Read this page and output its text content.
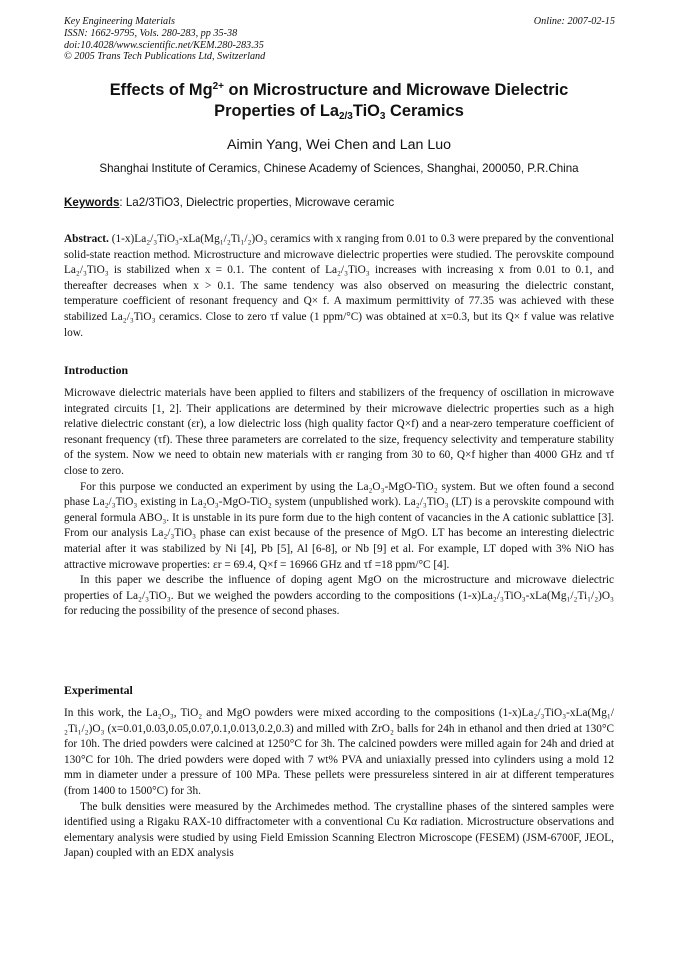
Key Engineering Materials
ISSN: 1662-9795, Vols. 280-283, pp 35-38
doi:10.4028/www.scientific.net/KEM.280-283.35
© 2005 Trans Tech Publications Ltd, Switzerland
Online: 2007-02-15
Effects of $Mg^{2+}$ on Microstructure and Microwave Dielectric
Properties of $La_{2/3}TiO_3$ Ceramics
Aimin Yang, Wei Chen and Lan Luo
Shanghai Institute of Ceramics, Chinese Academy of Sciences, Shanghai, 200050, P.R.China
Keywords: La2/3TiO3, Dielectric properties, Microwave ceramic

Abstract. (1-x)La₂/₃TiO₃-xLa(Mg₁/₂Ti₁/₂)O₃ ceramics with x ranging from 0.01 to 0.3 were prepared by the conventional solid-state reaction method. Microstructure and microwave dielectric properties were studied. The perovskite compound La₂/₃TiO₃ is stabilized when x = 0.1. The content of La₂/₃TiO₃ increases with increasing x from 0.01 to 0.1, and thereafter decreases when x > 0.1. The same tendency was also observed on measuring the dielectric constant, temperature coefficient of resonant frequency and Q× f. A maximum permittivity of 77.35 was achieved with these stabilized La₂/₃TiO₃ ceramics. Close to zero τf value (1 ppm/°C) was obtained at x=0.3, but its Q× f value was relative low.

Introduction

Microwave dielectric materials have been applied to filters and stabilizers of the frequency of oscillation in microwave integrated circuits [1, 2]. Their applications are determined by their microwave dielectric properties such as a high relative dielectric constant (εr), a low dielectric loss (high quality factor Q×f) and a near-zero temperature coefficient of resonant frequency (τf). These three parameters are correlated to the size, frequency selectivity and temperature stability of the system. Now we need to obtain new materials with εr ranging from 30 to 60, Q×f higher than 4000 GHz and τf close to zero.

For this purpose we conducted an experiment by using the La₂O₃-MgO-TiO₂ system. But we often found a second phase La₂/₃TiO₃ existing in La₂O₃-MgO-TiO₂ system (unpublished work). La₂/₃TiO₃ (LT) is a perovskite compound with general formula ABO₃. It is unstable in its pure form due to the high content of vacancies in the A cationic sublattice [3]. From our analysis La₂/₃TiO₃ phase can exist because of the presence of MgO. LT has become an interesting dielectric material after it was stabilized by Ni [4], Pb [5], Al [6-8], or Nb [9] et al. For example, LT doped with 3% NiO has attractive microwave properties: εr = 69.4, Q×f = 16966 GHz and τf =18 ppm/°C [4].

In this paper we describe the influence of doping agent MgO on the microstructure and microwave dielectric properties of La₂/₃TiO₃. But we weighed the powders according to the compositions (1-x)La₂/₃TiO₃-xLa(Mg₁/₂Ti₁/₂)O₃ for reducing the possibility of the presence of second phases.

Experimental

In this work, the La₂O₃, TiO₂ and MgO powders were mixed according to the compositions (1-x)La₂/₃TiO₃-xLa(Mg₁/₂Ti₁/₂)O₃ (x=0.01,0.03,0.05,0.07,0.1,0.013,0.2,0.3) and milled with ZrO₂ balls for 24h in ethanol and then dried at 130°C for 10h. The dried powders were calcined at 1250°C for 3h. The calcined powders were milled again for 24h and dried at 130°C for 10h. The dried powders were doped with 7 wt% PVA and uniaxially pressed into cylinders using a mold 12 mm in diameter under a pressure of 100 MPa. These pellets were pressureless sintered in air at different temperatures (from 1400 to 1500°C) for 3h.

The bulk densities were measured by the Archimedes method. The crystalline phases of the sintered samples were identified using a Rigaku RAX-10 diffractometer with a conventional Cu Kα radiation. Microstructure observations and elementary analysis were studied by using Field Emission Scanning Electron Microscope (FESEM) (JSM-6700F, JEOL, Japan) coupled with an EDX analysis
